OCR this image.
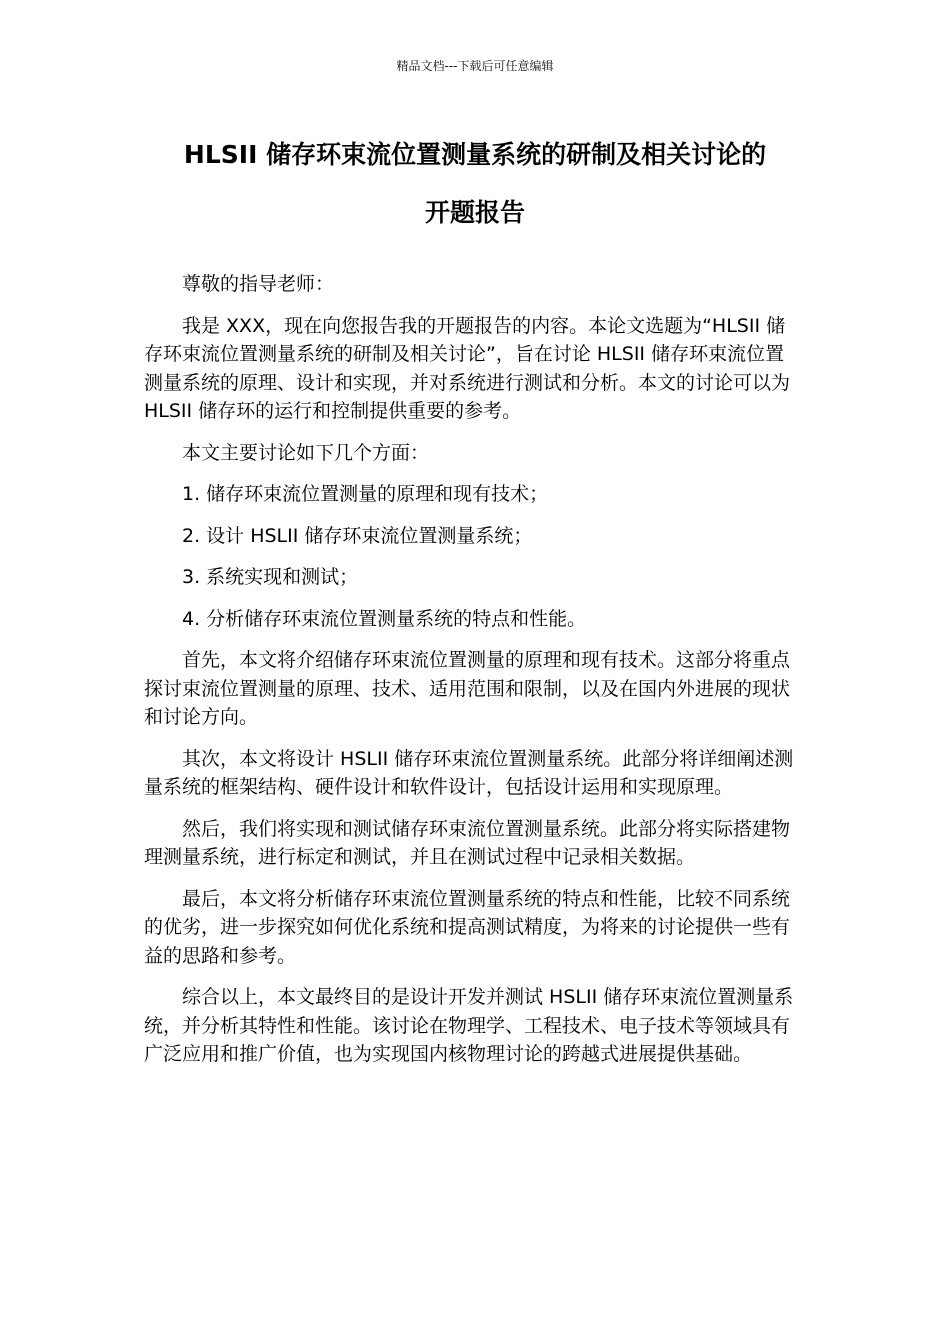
精品文档---下载后可任意编辑
HLSII 储存环束流位置测量系统的研制及相关讨论的
开题报告

尊敬的指导老师：

我是 XXX，现在向您报告我的开题报告的内容。本论文选题为“HLSII 储存环束流位置测量系统的研制及相关讨论”，旨在讨论 HLSII 储存环束流位置测量系统的原理、设计和实现，并对系统进行测试和分析。本文的讨论可以为 HLSII 储存环的运行和控制提供重要的参考。

本文主要讨论如下几个方面：

1. 储存环束流位置测量的原理和现有技术；

2. 设计 HSLII 储存环束流位置测量系统；

3. 系统实现和测试；

4. 分析储存环束流位置测量系统的特点和性能。

首先，本文将介绍储存环束流位置测量的原理和现有技术。这部分将重点探讨束流位置测量的原理、技术、适用范围和限制，以及在国内外进展的现状和讨论方向。

其次，本文将设计 HSLII 储存环束流位置测量系统。此部分将详细阐述测量系统的框架结构、硬件设计和软件设计，包括设计运用和实现原理。

然后，我们将实现和测试储存环束流位置测量系统。此部分将实际搭建物理测量系统，进行标定和测试，并且在测试过程中记录相关数据。

最后，本文将分析储存环束流位置测量系统的特点和性能，比较不同系统的优劣，进一步探究如何优化系统和提高测试精度，为将来的讨论提供一些有益的思路和参考。

综合以上，本文最终目的是设计开发并测试 HSLII 储存环束流位置测量系统，并分析其特性和性能。该讨论在物理学、工程技术、电子技术等领域具有广泛应用和推广价值，也为实现国内核物理讨论的跨越式进展提供基础。
